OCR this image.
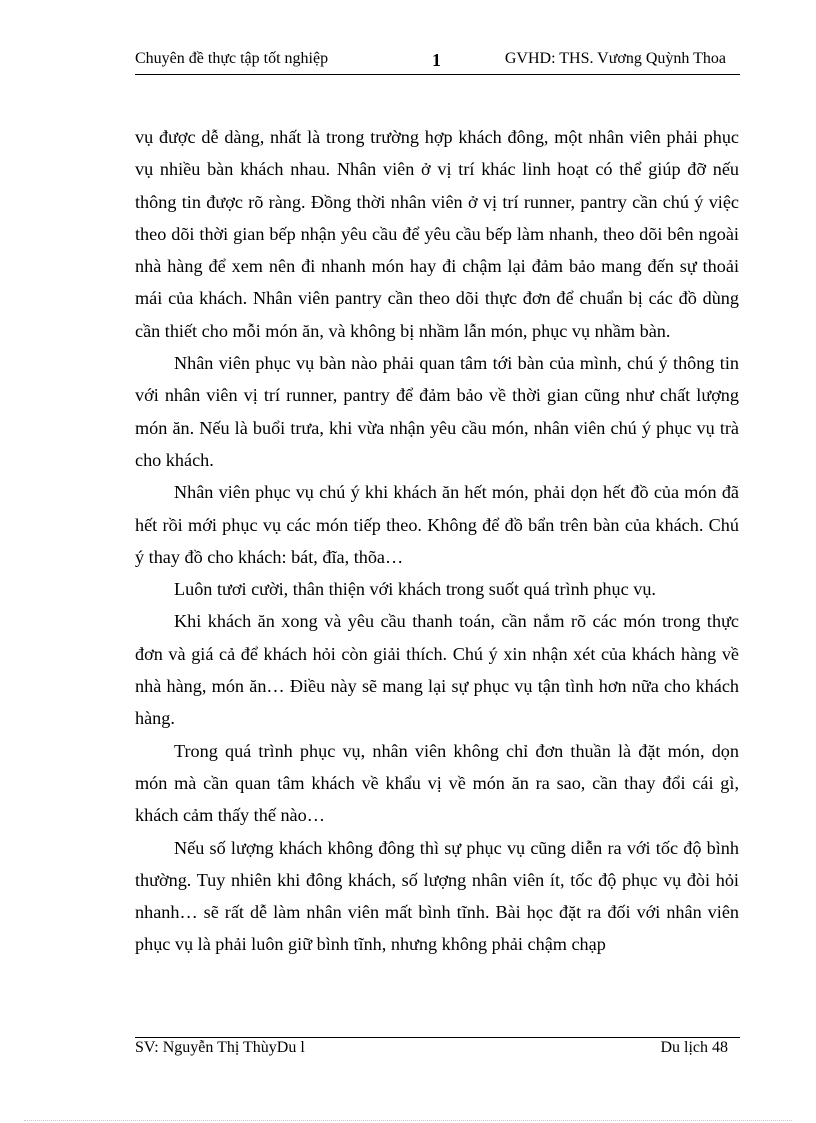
Chuyên đề thực tập tốt nghiệp	1	GVHD: THS. Vương Quỳnh Thoa

vụ được dễ dàng, nhất là trong trường hợp khách đông, một nhân viên phải phục vụ nhiều bàn khách nhau. Nhân viên ở vị trí khác linh hoạt có thể giúp đỡ nếu thông tin được rõ ràng. Đồng thời nhân viên ở vị trí runner, pantry cần chú ý việc theo dõi thời gian bếp nhận yêu cầu để yêu cầu bếp làm nhanh, theo dõi bên ngoài nhà hàng để xem nên đi nhanh món hay đi chậm lại đảm bảo mang đến sự thoải mái của khách. Nhân viên pantry cần theo dõi thực đơn để chuẩn bị các đồ dùng cần thiết cho mỗi món ăn, và không bị nhầm lẫn món, phục vụ nhầm bàn.

Nhân viên phục vụ bàn nào phải quan tâm tới bàn của mình, chú ý thông tin với nhân viên vị trí runner, pantry để đảm bảo về thời gian cũng như chất lượng món ăn. Nếu là buổi trưa, khi vừa nhận yêu cầu món, nhân viên chú ý phục vụ trà cho khách.

Nhân viên phục vụ chú ý khi khách ăn hết món, phải dọn hết đồ của món đã hết rồi mới phục vụ các món tiếp theo. Không để đồ bẩn trên bàn của khách. Chú ý thay đồ cho khách: bát, đĩa, thõa…

Luôn tươi cười, thân thiện với khách trong suốt quá trình phục vụ.

Khi khách ăn xong và yêu cầu thanh toán, cần nắm rõ các món trong thực đơn và giá cả để khách hỏi còn giải thích. Chú ý xin nhận xét của khách hàng về nhà hàng, món ăn… Điều này sẽ mang lại sự phục vụ tận tình hơn nữa cho khách hàng.

Trong quá trình phục vụ, nhân viên không chỉ đơn thuần là đặt món, dọn món mà cần quan tâm khách về khẩu vị về món ăn ra sao, cần thay đổi cái gì, khách cảm thấy thế nào…

Nếu số lượng khách không đông thì sự phục vụ cũng diễn ra với tốc độ bình thường. Tuy nhiên khi đông khách, số lượng nhân viên ít, tốc độ phục vụ đòi hỏi nhanh… sẽ rất dễ làm nhân viên mất bình tĩnh. Bài học đặt ra đối với nhân viên phục vụ là phải luôn giữ bình tĩnh, nhưng không phải chậm chạp

SV: Nguyễn Thị ThùyDu l	Du lịch 48
